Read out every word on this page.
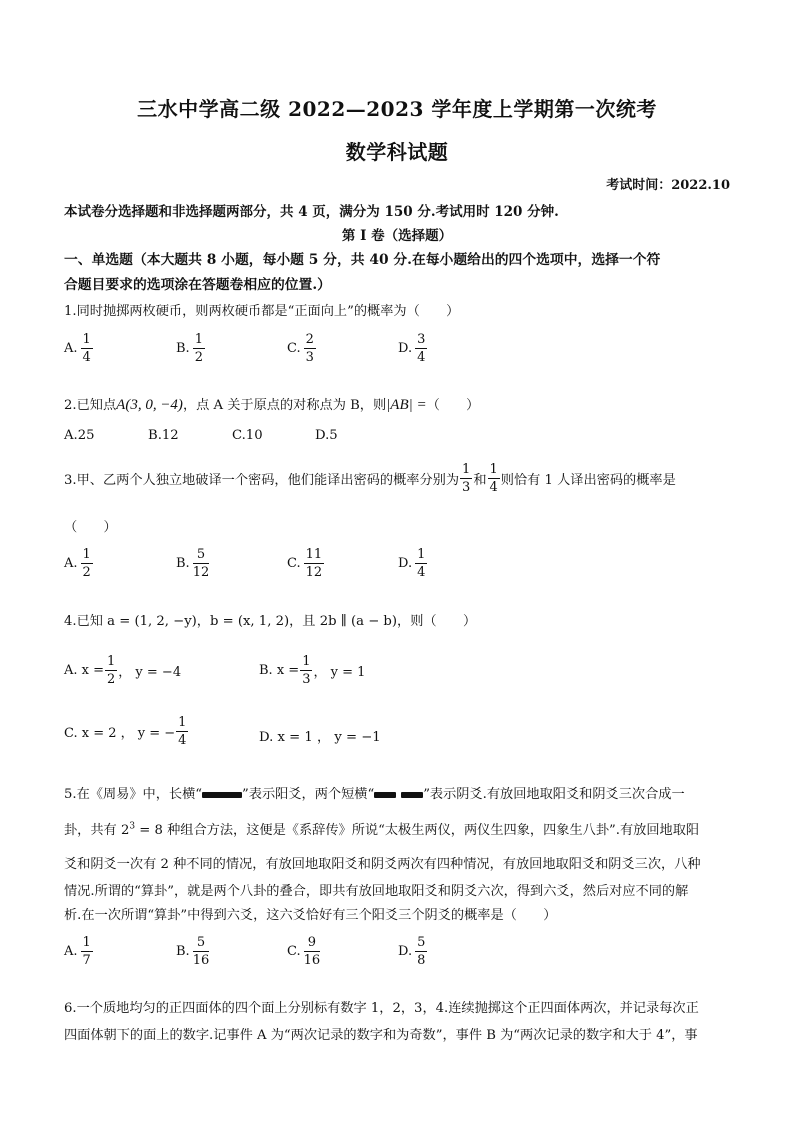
三水中学高二级 2022—2023 学年度上学期第一次统考
数学科试题
考试时间：2022.10
本试卷分选择题和非选择题两部分，共 4 页，满分为 150 分.考试用时 120 分钟.
第 I 卷（选择题）
一、单选题（本大题共 8 小题，每小题 5 分，共 40 分.在每小题给出的四个选项中，选择一个符
合题目要求的选项涂在答题卷相应的位置.）
1.同时抛掷两枚硬币，则两枚硬币都是“正面向上”的概率为（　　）
A. $\frac{1}{4}$	B. $\frac{1}{2}$	C. $\frac{2}{3}$	D. $\frac{3}{4}$
2.已知点A(3, 0, −4)，点 A 关于原点的对称点为 B，则|AB| =（　　）
A.25	B.12	C.10	D.5
3.甲、乙两个人独立地破译一个密码，他们能译出密码的概率分别为 $\frac{1}{3}$ 和 $\frac{1}{4}$ 则恰有 1 人译出密码的概率是
（　　）
A. $\frac{1}{2}$	B. $\frac{5}{12}$	C. $\frac{11}{12}$	D. $\frac{1}{4}$
4.已知 a = (1, 2, −y)，b = (x, 1, 2)，且 2b ∥ (a − b)，则（　　）
A. $x = \frac{1}{2}$ ， y = −4	B. $x = \frac{1}{3}$ ， y = 1
C. x = 2 ， y = − $\frac{1}{4}$	D. x = 1 ， y = −1
5.在《周易》中，长横“	”表示阳爻，两个短横“	”表示阴爻.有放回地取阳爻和阴爻三次合成一
卦，共有 $2^3 = 8$ 种组合方法，这便是《系辞传》所说“太极生两仪，两仪生四象，四象生八卦”.有放回地取阳
爻和阴爻一次有 2 种不同的情况，有放回地取阳爻和阴爻两次有四种情况，有放回地取阳爻和阴爻三次，八种
情况.所谓的“算卦”，就是两个八卦的叠合，即共有放回地取阳爻和阴爻六次，得到六爻，然后对应不同的解
析.在一次所谓“算卦”中得到六爻，这六爻恰好有三个阳爻三个阴爻的概率是（　　）
A. $\frac{1}{7}$	B. $\frac{5}{16}$	C. $\frac{9}{16}$	D. $\frac{5}{8}$
6.一个质地均匀的正四面体的四个面上分别标有数字 1，2，3，4.连续抛掷这个正四面体两次，并记录每次正
四面体朝下的面上的数字.记事件 A 为“两次记录的数字和为奇数”，事件 B 为“两次记录的数字和大于 4”，事
